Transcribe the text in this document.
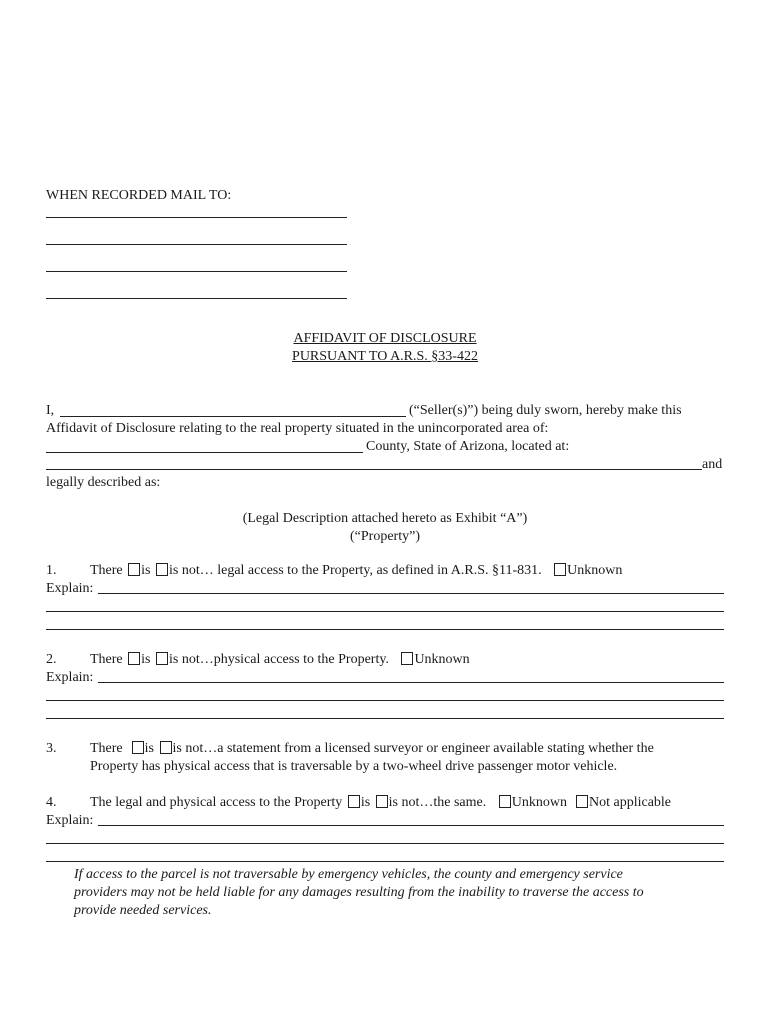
WHEN RECORDED MAIL TO:
AFFIDAVIT OF DISCLOSURE
PURSUANT TO A.R.S. §33-422
I,	(“Seller(s)”) being duly sworn, hereby make this
Affidavit of Disclosure relating to the real property situated in the unincorporated area of:
County, State of Arizona, located at:
and
legally described as:
(Legal Description attached hereto as Exhibit “A”)
(“Property”)
1. There is is not… legal access to the Property, as defined in A.R.S. §11-831. Unknown
Explain:
2. There is is not…physical access to the Property. Unknown
Explain:
3. There is is not…a statement from a licensed surveyor or engineer available stating whether the
Property has physical access that is traversable by a two-wheel drive passenger motor vehicle.
4. The legal and physical access to the Property is is not…the same. Unknown Not applicable
Explain:
If access to the parcel is not traversable by emergency vehicles, the county and emergency service
providers may not be held liable for any damages resulting from the inability to traverse the access to
provide needed services.
